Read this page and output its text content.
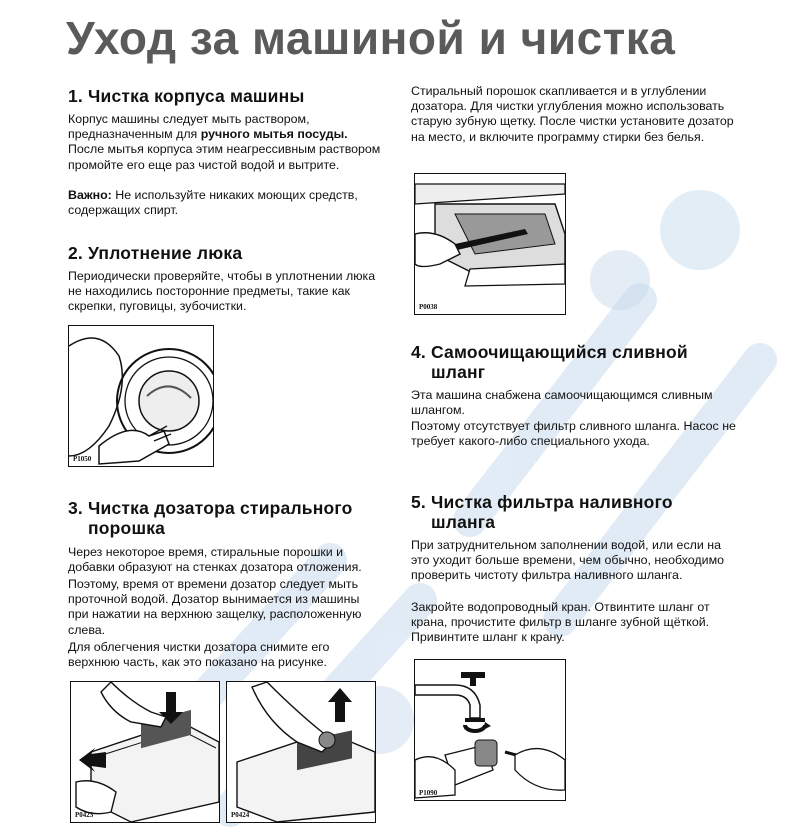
Уход за машиной и чистка
1. Чистка корпуса машины
Корпус машины следует мыть раствором, предназначенным для ручного мытья посуды. После мытья корпуса этим неагрессивным раствором промойте его еще раз чистой водой и вытрите.
Важно: Не используйте никаких моющих средств, содержащих спирт.
2. Уплотнение люка
Периодически проверяйте, чтобы в уплотнении люка не находились посторонние предметы, такие как скрепки, пуговицы, зубочистки.
P1050
3. Чистка дозатора стирального
порошка
Через некоторое время, стиральные порошки и добавки образуют на стенках дозатора отложения.
Поэтому, время от времени дозатор следует мыть проточной водой. Дозатор вынимается из машины при нажатии на верхнюю защелку, расположенную слева.
Для облегчения чистки дозатора снимите его верхнюю часть, как это показано на рисунке.
P0423	P0424
Стиральный порошок скапливается и в углублении дозатора. Для чистки углубления можно использовать старую зубную щетку. После чистки установите дозатор на место, и включите программу стирки без белья.
P0038
4. Самоочищающийся сливной
шланг
Эта машина снабжена самоочищающимся сливным шлангом.
Поэтому отсутствует фильтр сливного шланга. Насос не требует какого-либо специального ухода.
5. Чистка фильтра наливного
шланга
При затруднительном заполнении водой, или если на это уходит больше времени, чем обычно, необходимо проверить чистоту фильтра наливного шланга.
Закройте водопроводный кран. Отвинтите шланг от крана, прочистите фильтр в шланге зубной щёткой. Привинтите шланг к крану.
P1090
